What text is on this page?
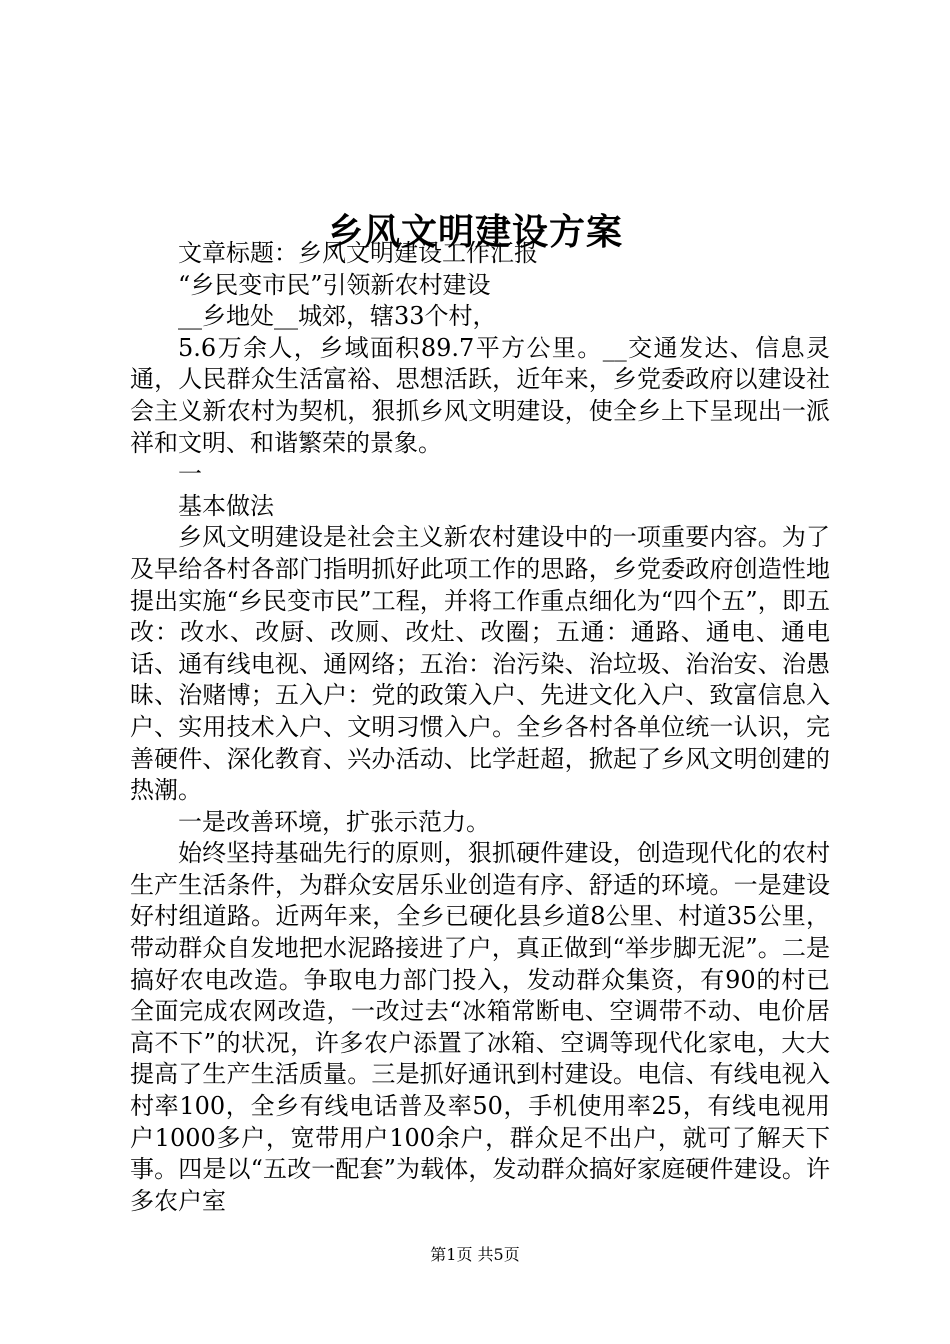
乡风文明建设方案

文章标题：乡风文明建设工作汇报

“乡民变市民”引领新农村建设

__乡地处__城郊，辖33个村，

5.6万余人，乡域面积89.7平方公里。__交通发达、信息灵通，人民群众生活富裕、思想活跃，近年来，乡党委政府以建设社会主义新农村为契机，狠抓乡风文明建设，使全乡上下呈现出一派祥和文明、和谐繁荣的景象。

一

基本做法

乡风文明建设是社会主义新农村建设中的一项重要内容。为了及早给各村各部门指明抓好此项工作的思路，乡党委政府创造性地提出实施“乡民变市民”工程，并将工作重点细化为“四个五”，即五改：改水、改厨、改厕、改灶、改圈；五通：通路、通电、通电话、通有线电视、通网络；五治：治污染、治垃圾、治治安、治愚昧、治赌博；五入户：党的政策入户、先进文化入户、致富信息入户、实用技术入户、文明习惯入户。全乡各村各单位统一认识，完善硬件、深化教育、兴办活动、比学赶超，掀起了乡风文明创建的热潮。

一是改善环境，扩张示范力。

始终坚持基础先行的原则，狠抓硬件建设，创造现代化的农村生产生活条件，为群众安居乐业创造有序、舒适的环境。一是建设好村组道路。近两年来，全乡已硬化县乡道8公里、村道35公里，带动群众自发地把水泥路接进了户，真正做到“举步脚无泥”。二是搞好农电改造。争取电力部门投入，发动群众集资，有90的村已全面完成农网改造，一改过去“冰箱常断电、空调带不动、电价居高不下”的状况，许多农户添置了冰箱、空调等现代化家电，大大提高了生产生活质量。三是抓好通讯到村建设。电信、有线电视入村率100，全乡有线电话普及率50，手机使用率25，有线电视用户1000多户，宽带用户100余户，群众足不出户，就可了解天下事。四是以“五改一配套”为载体，发动群众搞好家庭硬件建设。许多农户室

第1页 共5页
